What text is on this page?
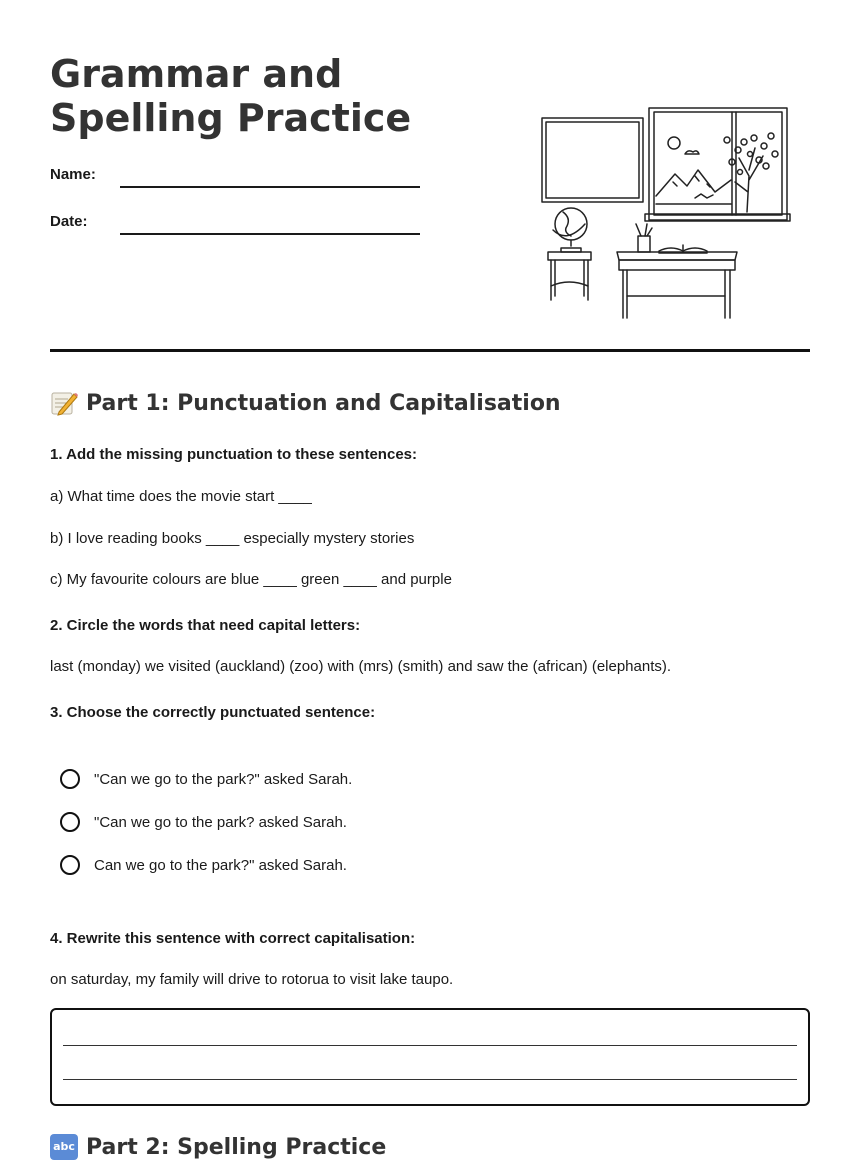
Grammar and Spelling Practice
Name:
Date:
Part 1: Punctuation and Capitalisation
1. Add the missing punctuation to these sentences:
a) What time does the movie start ____
b) I love reading books ____ especially mystery stories
c) My favourite colours are blue ____ green ____ and purple
2. Circle the words that need capital letters:
last (monday) we visited (auckland) (zoo) with (mrs) (smith) and saw the (african) (elephants).
3. Choose the correctly punctuated sentence:
"Can we go to the park?" asked Sarah.
"Can we go to the park? asked Sarah.
Can we go to the park?" asked Sarah.
4. Rewrite this sentence with correct capitalisation:
on saturday, my family will drive to rotorua to visit lake taupo.
abc Part 2: Spelling Practice
